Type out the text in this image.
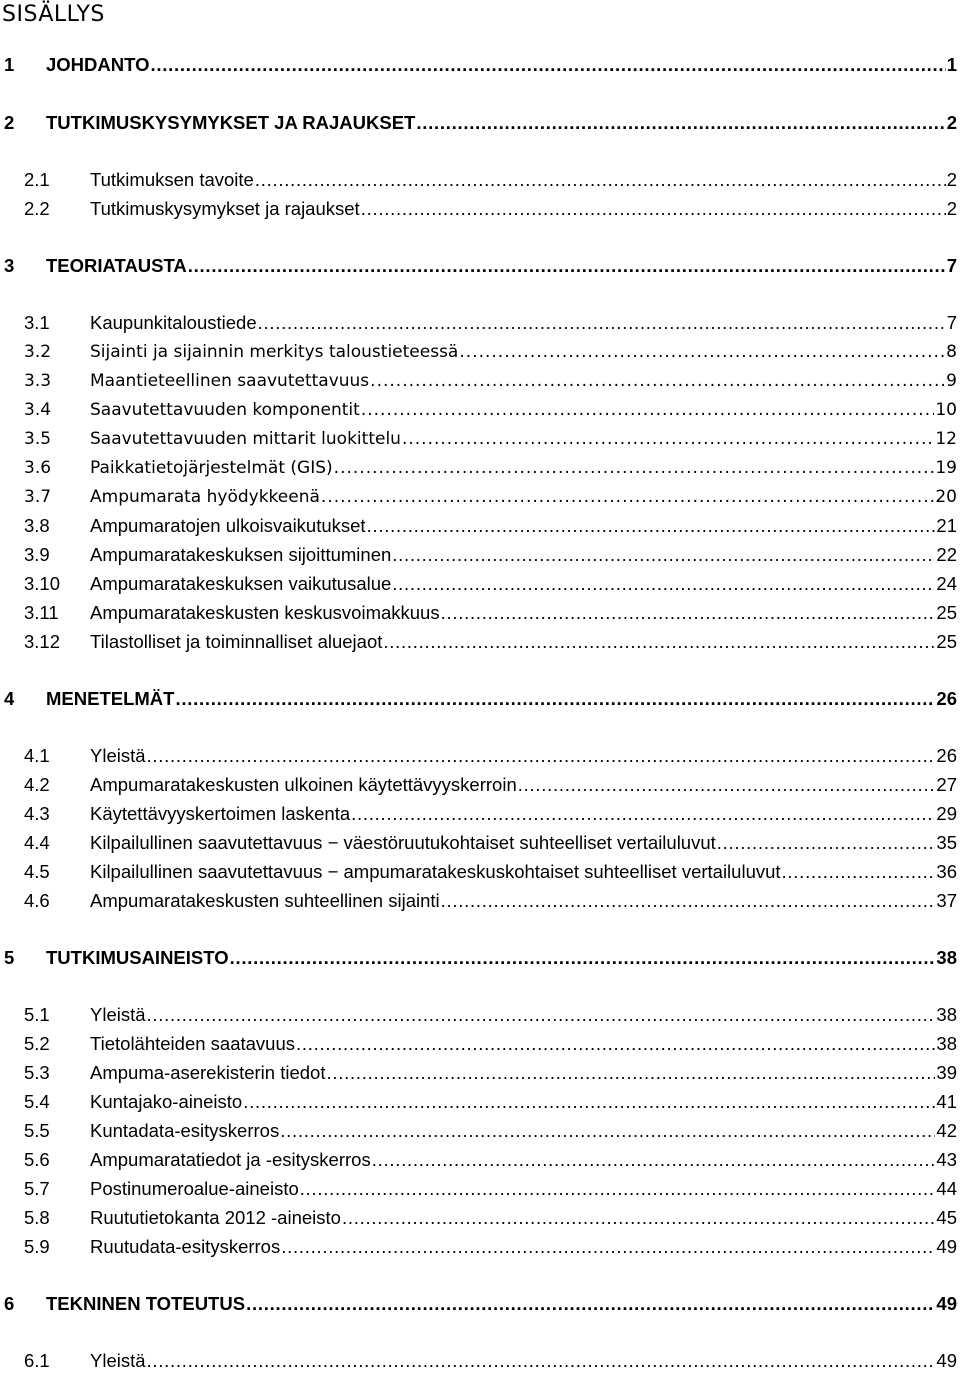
SISÄLLYS
1 JOHDANTO . . .	1
2 TUTKIMUSKYSYMYKSET JA RAJAUKSET . . .	2
2.1 Tutkimuksen tavoite . . .	2
2.2 Tutkimuskysymykset ja rajaukset . . .	2
3 TEORIATAUSTA . . .	7
3.1 Kaupunkitaloustiede . . .	7
3.2 Sijainti ja sijainnin merkitys taloustieteessä . . .	8
3.3 Maantieteellinen saavutettavuus . . .	9
3.4 Saavutettavuuden komponentit . . .	10
3.5 Saavutettavuuden mittarit luokittelu . . .	12
3.6 Paikkatietojärjestelmät (GIS) . . .	19
3.7 Ampumarata hyödykkeenä . . .	20
3.8 Ampumaratojen ulkoisvaikutukset . . .	21
3.9 Ampumaratakeskuksen sijoittuminen . . .	22
3.10 Ampumaratakeskuksen vaikutusalue . . .	24
3.11 Ampumaratakeskusten keskusvoimakkuus . . .	25
3.12 Tilastolliset ja toiminnalliset aluejaot . . .	25
4 MENETELMÄT . . .	26
4.1 Yleistä . . .	26
4.2 Ampumaratakeskusten ulkoinen käytettävyyskerroin . . .	27
4.3 Käytettävyyskertoimen laskenta . . .	29
4.4 Kilpailullinen saavutettavuus − väestöruutukohtaiset suhteelliset vertailuluvut . . .	35
4.5 Kilpailullinen saavutettavuus − ampumaratakeskuskohtaiset suhteelliset vertailuluvut . . .	36
4.6 Ampumaratakeskusten suhteellinen sijainti . . .	37
5 TUTKIMUSAINEISTO . . .	38
5.1 Yleistä . . .	38
5.2 Tietolähteiden saatavuus . . .	38
5.3 Ampuma-aserekisterin tiedot . . .	39
5.4 Kuntajako-aineisto . . .	41
5.5 Kuntadata-esityskerros . . .	42
5.6 Ampumaratatiedot ja -esityskerros . . .	43
5.7 Postinumeroalue-aineisto . . .	44
5.8 Ruututietokanta 2012 -aineisto . . .	45
5.9 Ruutudata-esityskerros . . .	49
6 TEKNINEN TOTEUTUS . . .	49
6.1 Yleistä . . .	49
